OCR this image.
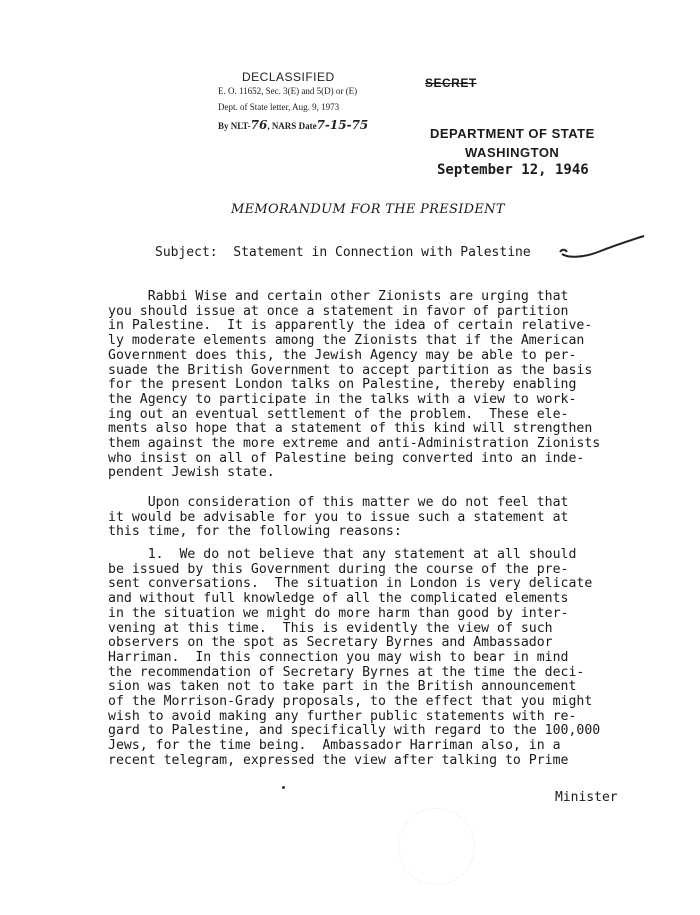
DECLASSIFIED
E. O. 11652, Sec. 3(E) and 5(D) or (E)
Dept. of State letter, Aug. 9, 1973
By NLT-76, NARS Date7-15-75
SECRET
DEPARTMENT OF STATE
WASHINGTON
September 12, 1946
MEMORANDUM FOR THE PRESIDENT
Subject: Statement in Connection with Palestine
Rabbi Wise and certain other Zionists are urging that
you should issue at once a statement in favor of partition
in Palestine.  It is apparently the idea of certain relative-
ly moderate elements among the Zionists that if the American
Government does this, the Jewish Agency may be able to per-
suade the British Government to accept partition as the basis
for the present London talks on Palestine, thereby enabling
the Agency to participate in the talks with a view to work-
ing out an eventual settlement of the problem.  These ele-
ments also hope that a statement of this kind will strengthen
them against the more extreme and anti-Administration Zionists
who insist on all of Palestine being converted into an inde-
pendent Jewish state.
Upon consideration of this matter we do not feel that
it would be advisable for you to issue such a statement at
this time, for the following reasons:
1.  We do not believe that any statement at all should
be issued by this Government during the course of the pre-
sent conversations.  The situation in London is very delicate
and without full knowledge of all the complicated elements
in the situation we might do more harm than good by inter-
vening at this time.  This is evidently the view of such
observers on the spot as Secretary Byrnes and Ambassador
Harriman.  In this connection you may wish to bear in mind
the recommendation of Secretary Byrnes at the time the deci-
sion was taken not to take part in the British announcement
of the Morrison-Grady proposals, to the effect that you might
wish to avoid making any further public statements with re-
gard to Palestine, and specifically with regard to the 100,000
Jews, for the time being.  Ambassador Harriman also, in a
recent telegram, expressed the view after talking to Prime
Minister
